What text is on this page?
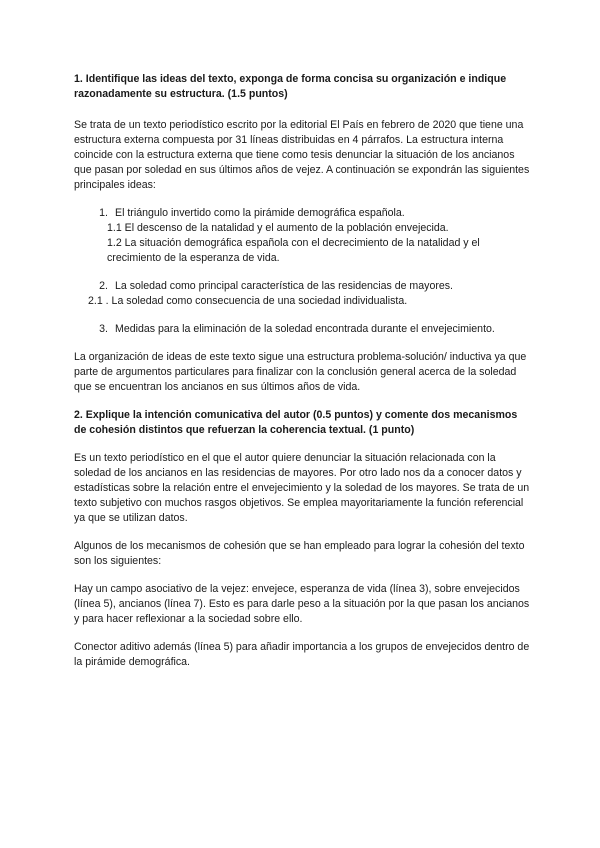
1. Identifique las ideas del texto, exponga de forma concisa su organización e indique razonadamente su estructura. (1.5 puntos)

Se trata de un texto periodístico escrito por la editorial El País en febrero de 2020 que tiene una estructura externa compuesta por 31 líneas distribuidas en 4 párrafos. La estructura interna coincide con la estructura externa que tiene como tesis denunciar la situación de los ancianos que pasan por soledad en sus últimos años de vejez. A continuación se expondrán las siguientes principales ideas:

1. El triángulo invertido como la pirámide demográfica española.
1.1 El descenso de la natalidad y el aumento de la población envejecida.
1.2 La situación demográfica española con el decrecimiento de la natalidad y el crecimiento de la esperanza de vida.
2. La soledad como principal característica de las residencias de mayores.
2.1 . La soledad como consecuencia de una sociedad individualista.
3. Medidas para la eliminación de la soledad encontrada durante el envejecimiento.

La organización de ideas de este texto sigue una estructura problema-solución/ inductiva ya que parte de argumentos particulares para finalizar con la conclusión general acerca de la soledad que se encuentran los ancianos en sus últimos años de vida.

2. Explique la intención comunicativa del autor (0.5 puntos) y comente dos mecanismos de cohesión distintos que refuerzan la coherencia textual. (1 punto)

Es un texto periodístico en el que el autor quiere denunciar la situación relacionada con la soledad de los ancianos en las residencias de mayores. Por otro lado nos da a conocer datos y estadísticas sobre la relación entre el envejecimiento y la soledad de los mayores. Se trata de un texto subjetivo con muchos rasgos objetivos. Se emplea mayoritariamente la función referencial ya que se utilizan datos.

Algunos de los mecanismos de cohesión que se han empleado para lograr la cohesión del texto son los siguientes:

Hay un campo asociativo de la vejez: envejece, esperanza de vida (línea 3), sobre envejecidos (línea 5), ancianos (línea 7). Esto es para darle peso a la situación por la que pasan los ancianos y para hacer reflexionar a la sociedad sobre ello.

Conector aditivo además (línea 5) para añadir importancia a los grupos de envejecidos dentro de la pirámide demográfica.
